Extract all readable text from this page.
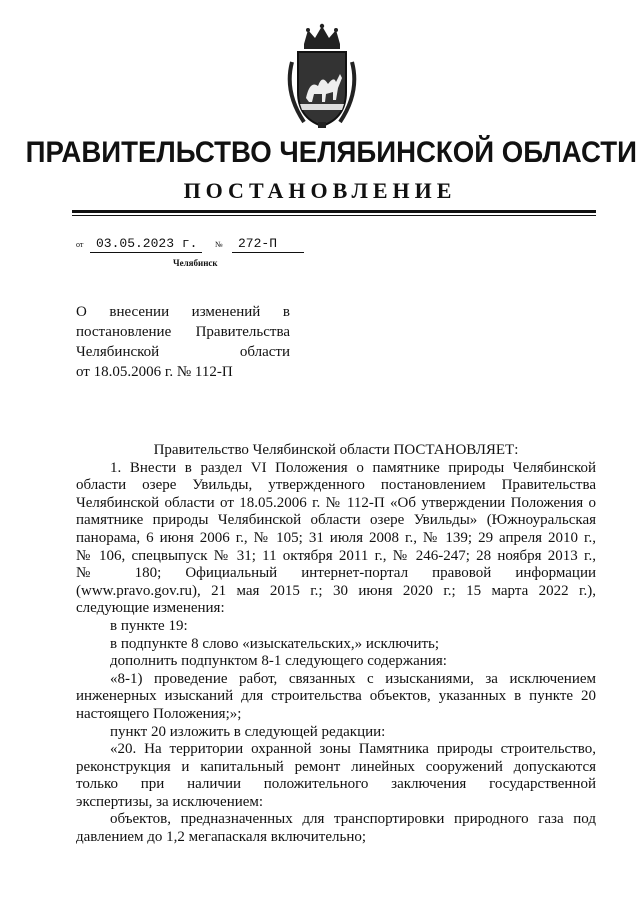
ПРАВИТЕЛЬСТВО ЧЕЛЯБИНСКОЙ ОБЛАСТИ
ПОСТАНОВЛЕНИЕ
от 03.05.2023 г. № 272-П
Челябинск
О внесении изменений в
постановление Правительства
Челябинской	области
от 18.05.2006 г. № 112-П

Правительство Челябинской области ПОСТАНОВЛЯЕТ:

1. Внести в раздел VI Положения о памятнике природы Челябинской
области озере Увильды, утвержденного постановлением Правительства
Челябинской области от 18.05.2006 г. № 112-П «Об утверждении Положения о
памятнике природы Челябинской области озере Увильды» (Южноуральская
панорама, 6 июня 2006 г., № 105; 31 июля 2008 г., № 139; 29 апреля 2010 г.,
№ 106, спецвыпуск № 31; 11 октября 2011 г., № 246-247; 28 ноября 2013 г.,
№ 180; Официальный интернет-портал правовой информации
(www.pravo.gov.ru), 21 мая 2015 г.; 30 июня 2020 г.; 15 марта 2022 г.),
следующие изменения:

в пункте 19:

в подпункте 8 слово «изыскательских,» исключить;

дополнить подпунктом 8-1 следующего содержания:

«8-1) проведение работ, связанных с изысканиями, за исключением
инженерных изысканий для строительства объектов, указанных в пункте 20
настоящего Положения;»;

пункт 20 изложить в следующей редакции:

«20. На территории охранной зоны Памятника природы строительство,
реконструкция и капитальный ремонт линейных сооружений допускаются
только при наличии положительного заключения государственной
экспертизы, за исключением:
объектов, предназначенных для транспортировки природного газа под
давлением до 1,2 мегапаскаля включительно;
